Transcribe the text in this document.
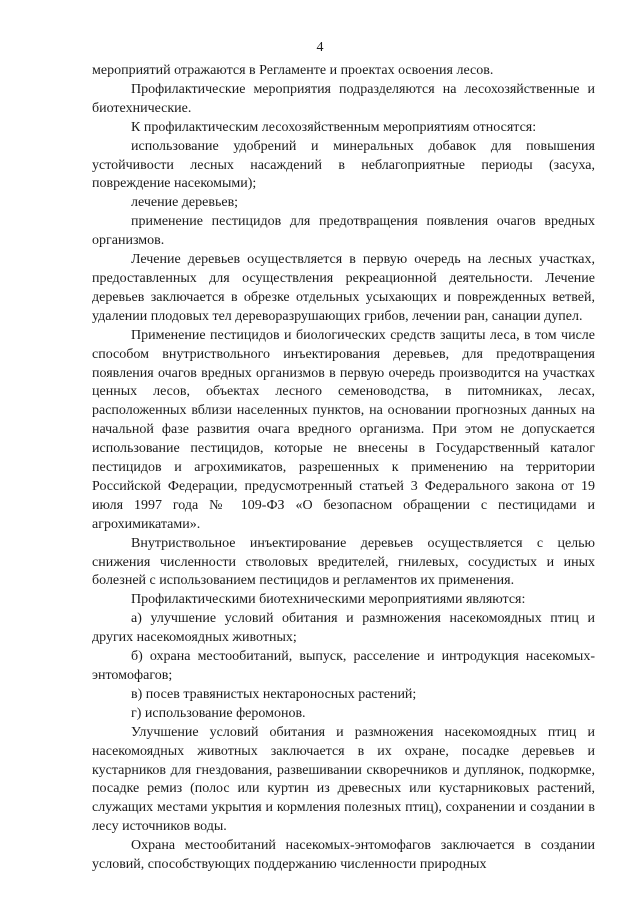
4

мероприятий отражаются в Регламенте и проектах освоения лесов.

Профилактические мероприятия подразделяются на лесохозяйственные и биотехнические.

К профилактическим лесохозяйственным мероприятиям относятся:

использование удобрений и минеральных добавок для повышения устойчивости лесных насаждений в неблагоприятные периоды (засуха, повреждение насекомыми);

лечение деревьев;

применение пестицидов для предотвращения появления очагов вредных организмов.

Лечение деревьев осуществляется в первую очередь на лесных участках, предоставленных для осуществления рекреационной деятельности. Лечение деревьев заключается в обрезке отдельных усыхающих и поврежденных ветвей, удалении плодовых тел дереворазрушающих грибов, лечении ран, санации дупел.

Применение пестицидов и биологических средств защиты леса, в том числе способом внутриствольного инъектирования деревьев, для предотвращения появления очагов вредных организмов в первую очередь производится на участках ценных лесов, объектах лесного семеноводства, в питомниках, лесах, расположенных вблизи населенных пунктов, на основании прогнозных данных на начальной фазе развития очага вредного организма. При этом не допускается использование пестицидов, которые не внесены в Государственный каталог пестицидов и агрохимикатов, разрешенных к применению на территории Российской Федерации, предусмотренный статьей 3 Федерального закона от 19 июля 1997 года № 109-ФЗ «О безопасном обращении с пестицидами и агрохимикатами».

Внутриствольное инъектирование деревьев осуществляется с целью снижения численности стволовых вредителей, гнилевых, сосудистых и иных болезней с использованием пестицидов и регламентов их применения.

Профилактическими биотехническими мероприятиями являются:

а) улучшение условий обитания и размножения насекомоядных птиц и других насекомоядных животных;

б) охрана местообитаний, выпуск, расселение и интродукция насекомых-энтомофагов;

в) посев травянистых нектароносных растений;

г) использование феромонов.

Улучшение условий обитания и размножения насекомоядных птиц и насекомоядных животных заключается в их охране, посадке деревьев и кустарников для гнездования, развешивании скворечников и дуплянок, подкормке, посадке ремиз (полос или куртин из древесных или кустарниковых растений, служащих местами укрытия и кормления полезных птиц), сохранении и создании в лесу источников воды.

Охрана местообитаний насекомых-энтомофагов заключается в создании условий, способствующих поддержанию численности природных
